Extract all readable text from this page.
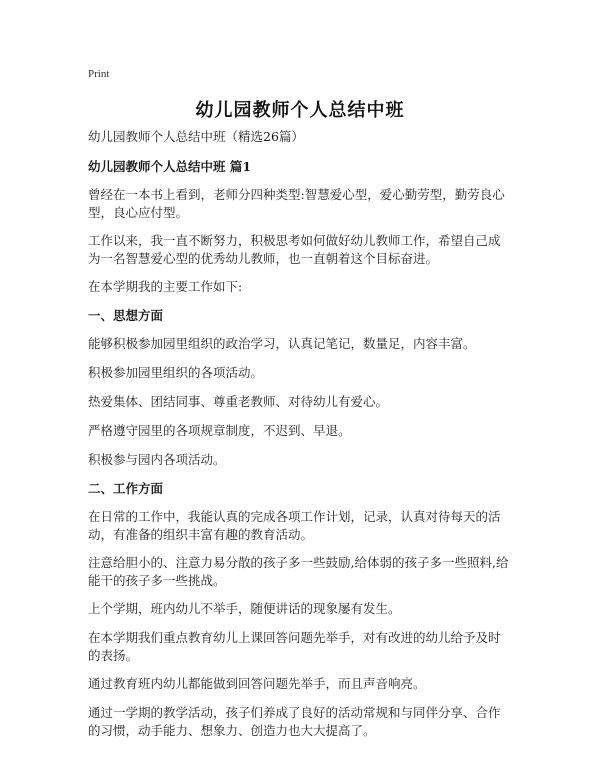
Print
幼儿园教师个人总结中班

幼儿园教师个人总结中班（精选26篇）

幼儿园教师个人总结中班 篇1

曾经在一本书上看到，老师分四种类型:智慧爱心型，爱心勤劳型，勤劳良心型，良心应付型。

工作以来，我一直不断努力，积极思考如何做好幼儿教师工作，希望自己成为一名智慧爱心型的优秀幼儿教师，也一直朝着这个目标奋进。

在本学期我的主要工作如下:

一、思想方面

能够积极参加园里组织的政治学习，认真记笔记，数量足，内容丰富。

积极参加园里组织的各项活动。

热爱集体、团结同事、尊重老教师、对待幼儿有爱心。

严格遵守园里的各项规章制度，不迟到、早退。

积极参与园内各项活动。

二、工作方面

在日常的工作中，我能认真的完成各项工作计划，记录，认真对待每天的活动，有准备的组织丰富有趣的教育活动。

注意给胆小的、注意力易分散的孩子多一些鼓励,给体弱的孩子多一些照料,给能干的孩子多一些挑战。

上个学期，班内幼儿不举手，随便讲话的现象屡有发生。

在本学期我们重点教育幼儿上课回答问题先举手，对有改进的幼儿给予及时的表扬。

通过教育班内幼儿都能做到回答问题先举手，而且声音响亮。

通过一学期的教学活动，孩子们养成了良好的活动常规和与同伴分享、合作的习惯，动手能力、想象力、创造力也大大提高了。
